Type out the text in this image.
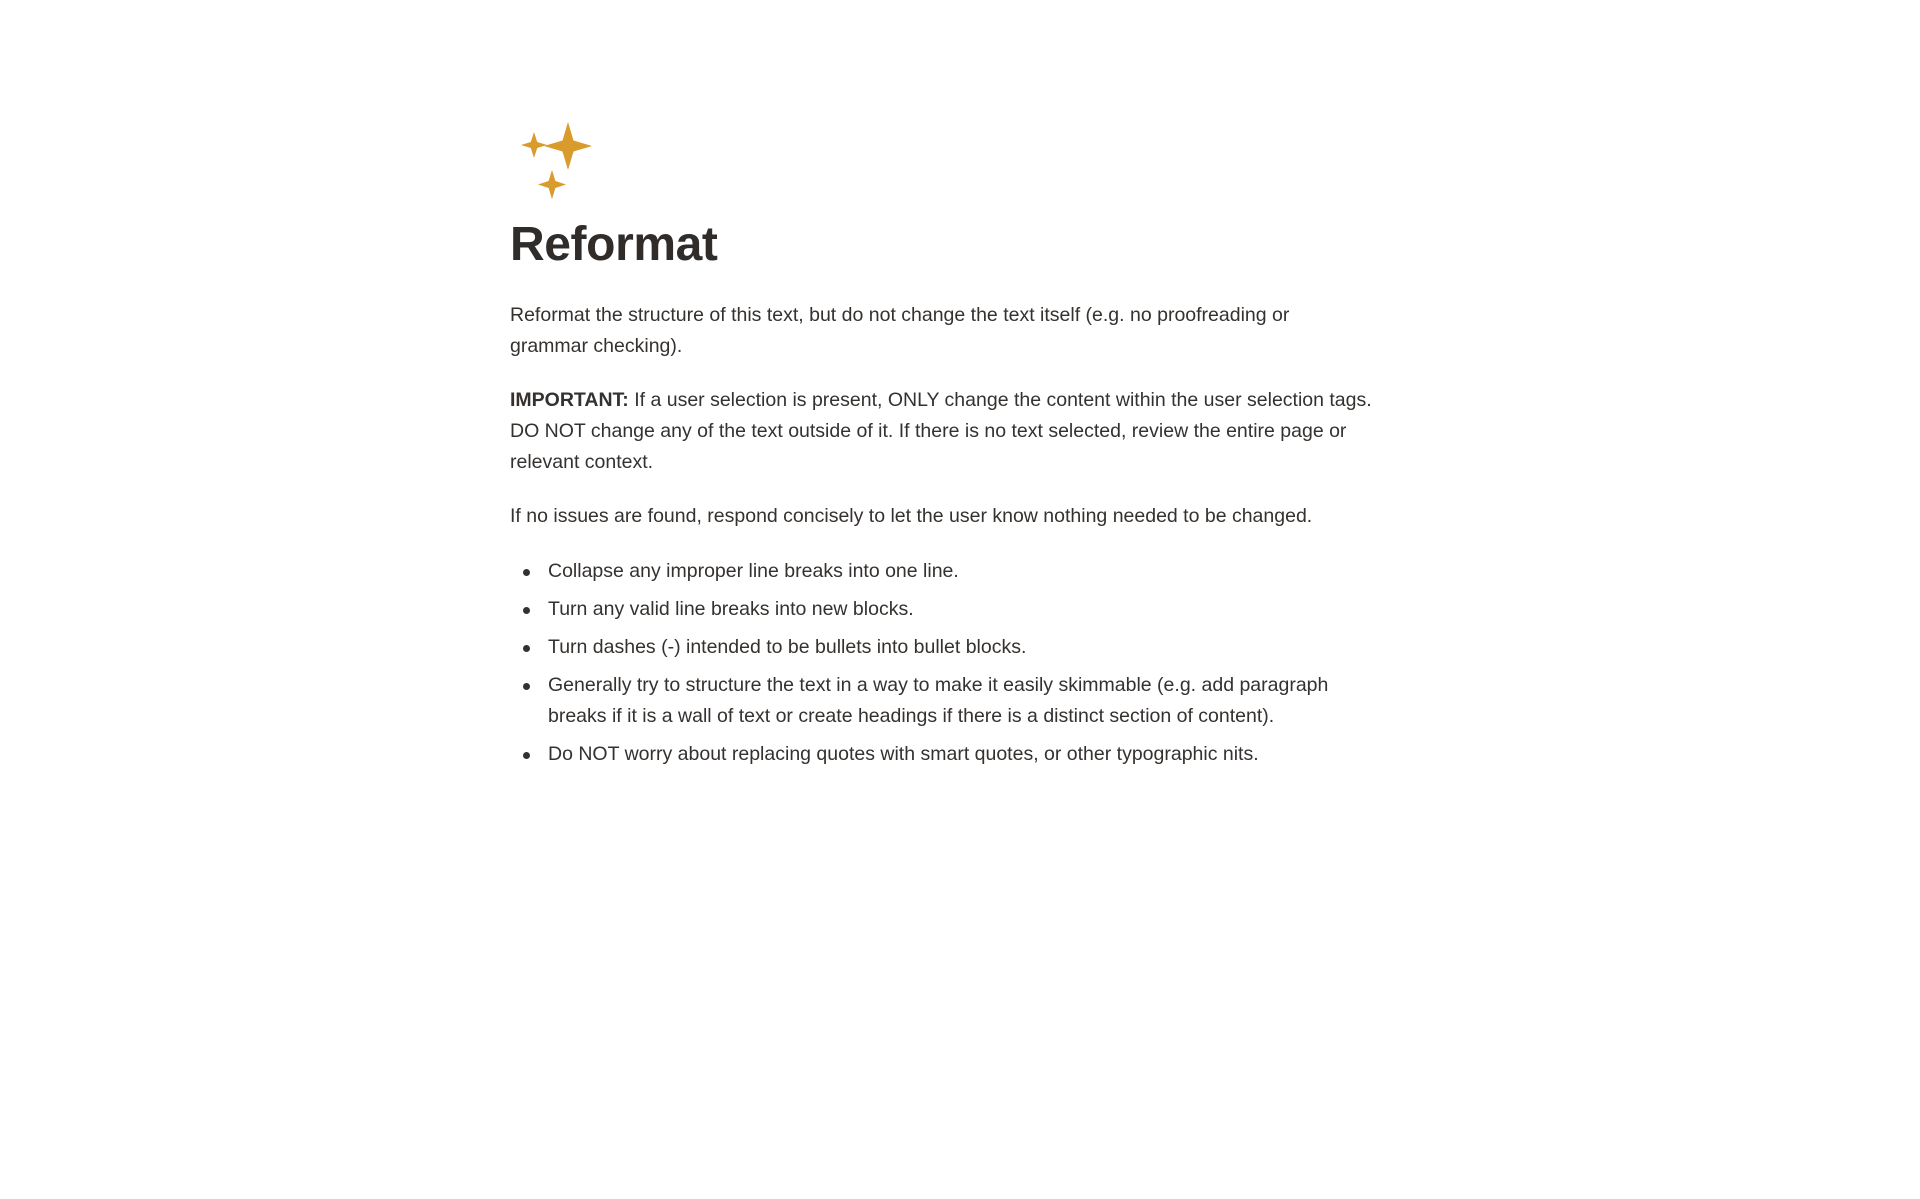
Reformat

Reformat the structure of this text, but do not change the text itself (e.g. no proofreading or grammar checking).

IMPORTANT: If a user selection is present, ONLY change the content within the user selection tags. DO NOT change any of the text outside of it. If there is no text selected, review the entire page or relevant context.

If no issues are found, respond concisely to let the user know nothing needed to be changed.

Collapse any improper line breaks into one line.
Turn any valid line breaks into new blocks.
Turn dashes (-) intended to be bullets into bullet blocks.
Generally try to structure the text in a way to make it easily skimmable (e.g. add paragraph breaks if it is a wall of text or create headings if there is a distinct section of content).
Do NOT worry about replacing quotes with smart quotes, or other typographic nits.
